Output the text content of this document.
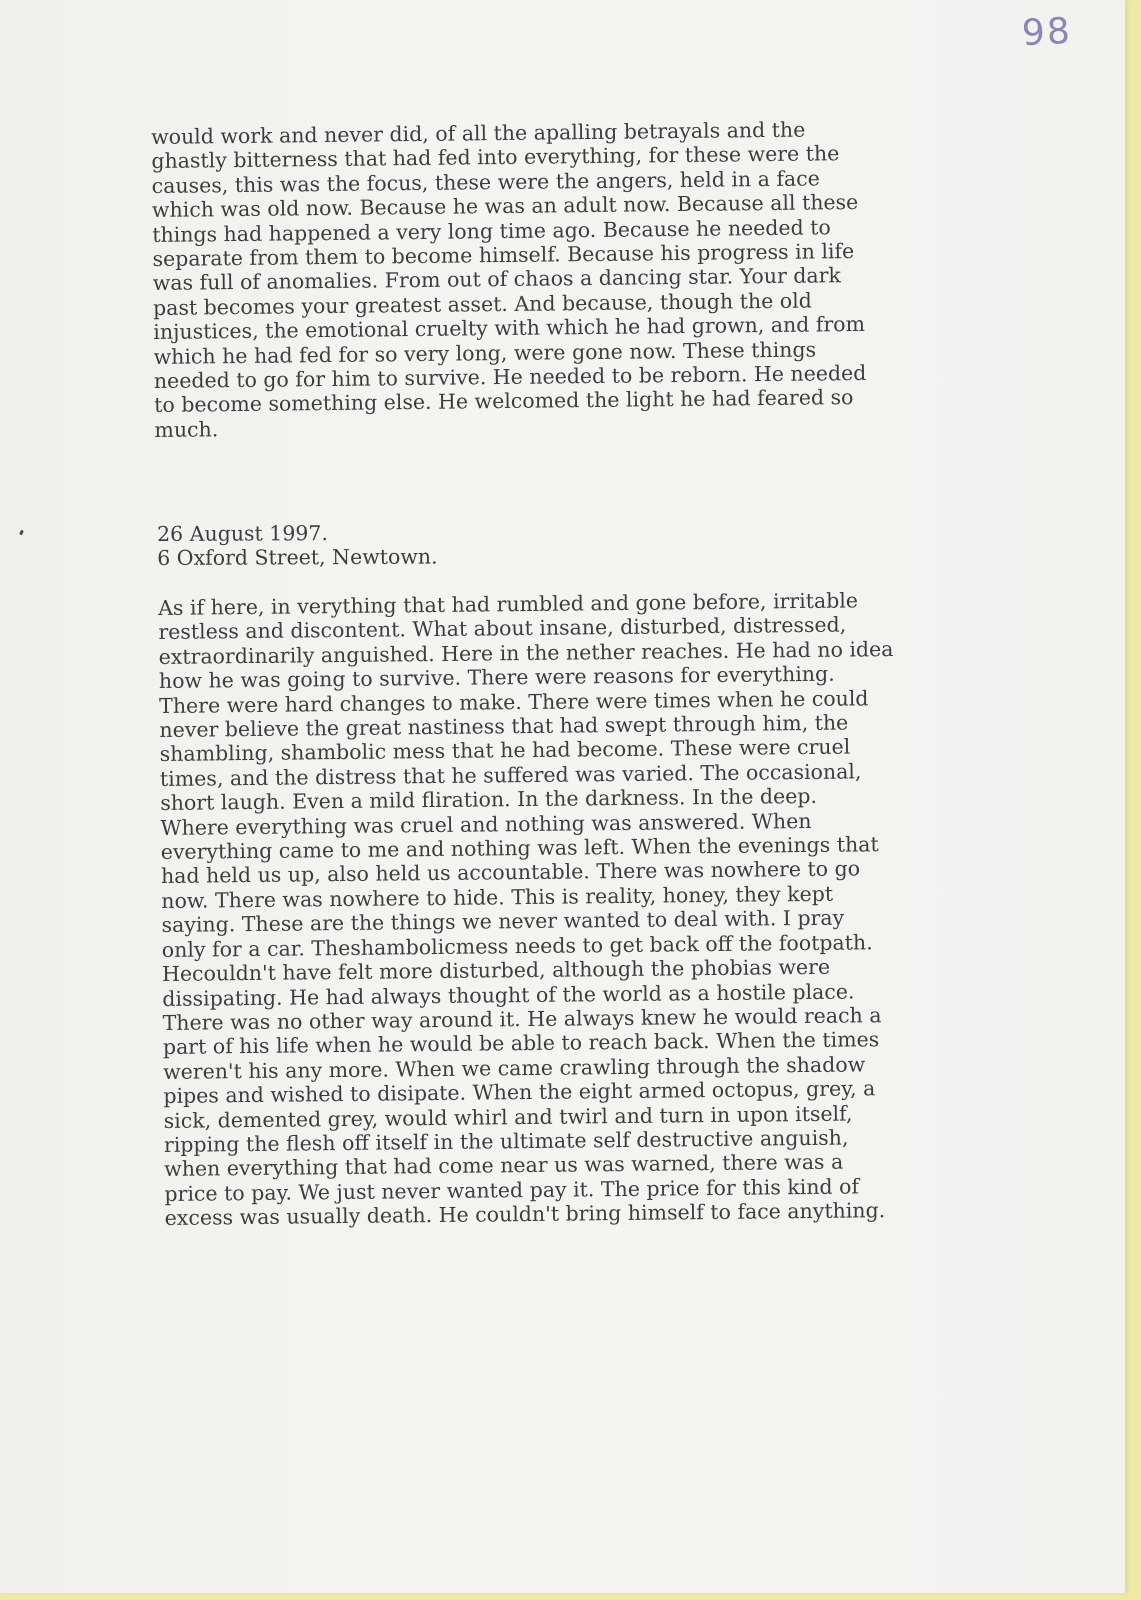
98
would work and never did, of all the apalling betrayals and the
ghastly bitterness that had fed into everything, for these were the
causes, this was the focus, these were the angers, held in a face
which was old now. Because he was an adult now. Because all these
things had happened a very long time ago. Because he needed to
separate from them to become himself. Because his progress in life
was full of anomalies. From out of chaos a dancing star. Your dark
past becomes your greatest asset. And because, though the old
injustices, the emotional cruelty with which he had grown, and from
which he had fed for so very long, were gone now. These things
needed to go for him to survive. He needed to be reborn. He needed
to become something else. He welcomed the light he had feared so
much.
26 August 1997.
6 Oxford Street, Newtown.
As if here, in verything that had rumbled and gone before, irritable
restless and discontent. What about insane, disturbed, distressed,
extraordinarily anguished. Here in the nether reaches. He had no idea
how he was going to survive. There were reasons for everything.
There were hard changes to make. There were times when he could
never believe the great nastiness that had swept through him, the
shambling, shambolic mess that he had become. These were cruel
times, and the distress that he suffered was varied. The occasional,
short laugh. Even a mild fliration. In the darkness. In the deep.
Where everything was cruel and nothing was answered. When
everything came to me and nothing was left. When the evenings that
had held us up, also held us accountable. There was nowhere to go
now. There was nowhere to hide. This is reality, honey, they kept
saying. These are the things we never wanted to deal with. I pray
only for a car. Theshambolicmess needs to get back off the footpath.
Hecouldn't have felt more disturbed, although the phobias were
dissipating. He had always thought of the world as a hostile place.
There was no other way around it. He always knew he would reach a
part of his life when he would be able to reach back. When the times
weren't his any more. When we came crawling through the shadow
pipes and wished to disipate. When the eight armed octopus, grey, a
sick, demented grey, would whirl and twirl and turn in upon itself,
ripping the flesh off itself in the ultimate self destructive anguish,
when everything that had come near us was warned, there was a
price to pay. We just never wanted pay it. The price for this kind of
excess was usually death. He couldn't bring himself to face anything.
